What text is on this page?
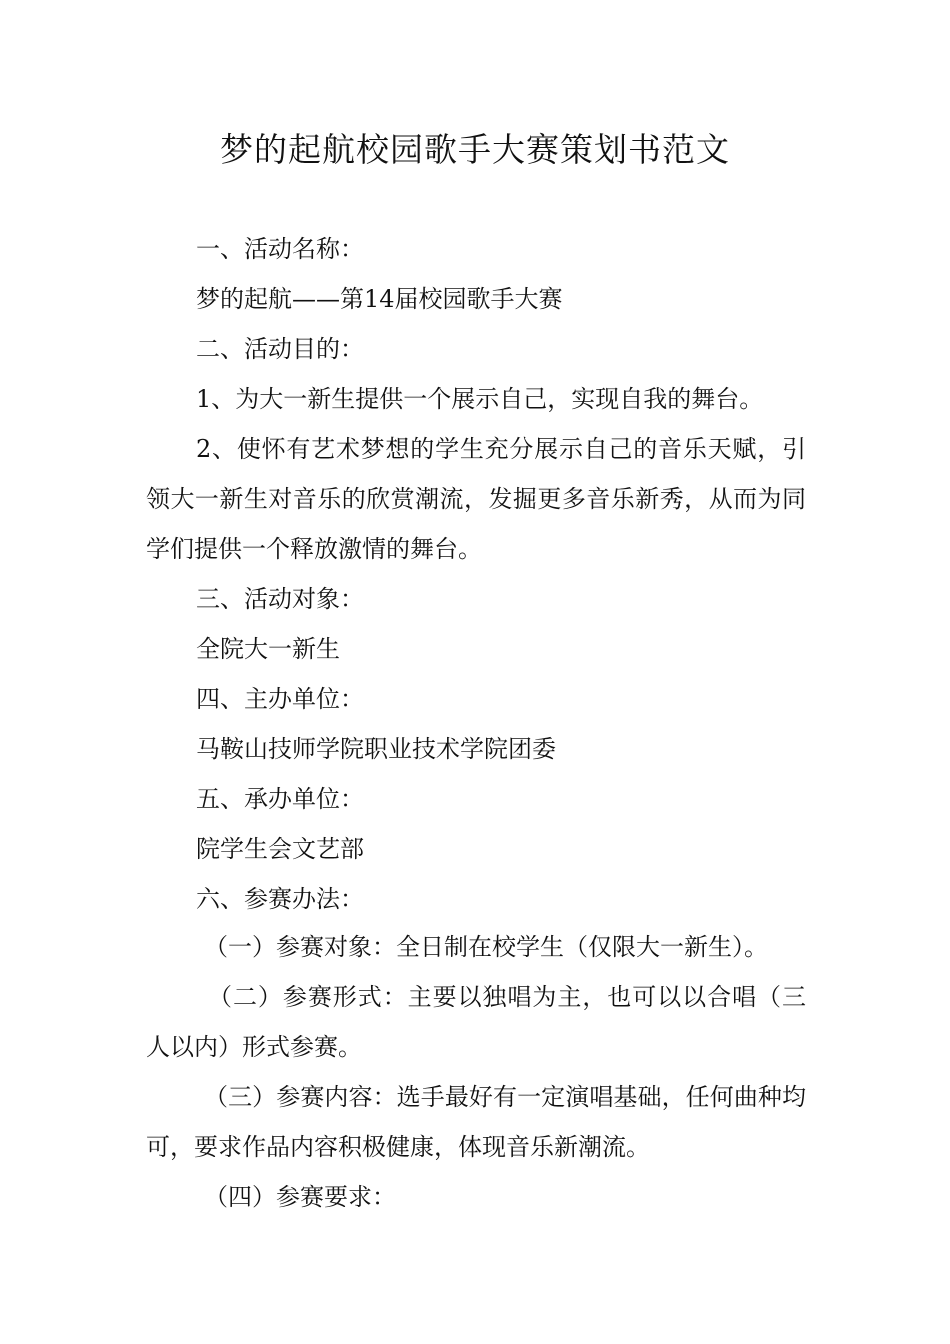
梦的起航校园歌手大赛策划书范文

一、活动名称：

梦的起航——第14届校园歌手大赛

二、活动目的：

1、为大一新生提供一个展示自己，实现自我的舞台。

2、使怀有艺术梦想的学生充分展示自己的音乐天赋，引领大一新生对音乐的欣赏潮流，发掘更多音乐新秀，从而为同学们提供一个释放激情的舞台。

三、活动对象：

全院大一新生

四、主办单位：

马鞍山技师学院职业技术学院团委

五、承办单位：

院学生会文艺部

六、参赛办法：

（一）参赛对象：全日制在校学生（仅限大一新生）。

（二）参赛形式：主要以独唱为主，也可以以合唱（三人以内）形式参赛。

（三）参赛内容：选手最好有一定演唱基础，任何曲种均可，要求作品内容积极健康，体现音乐新潮流。

（四）参赛要求：
